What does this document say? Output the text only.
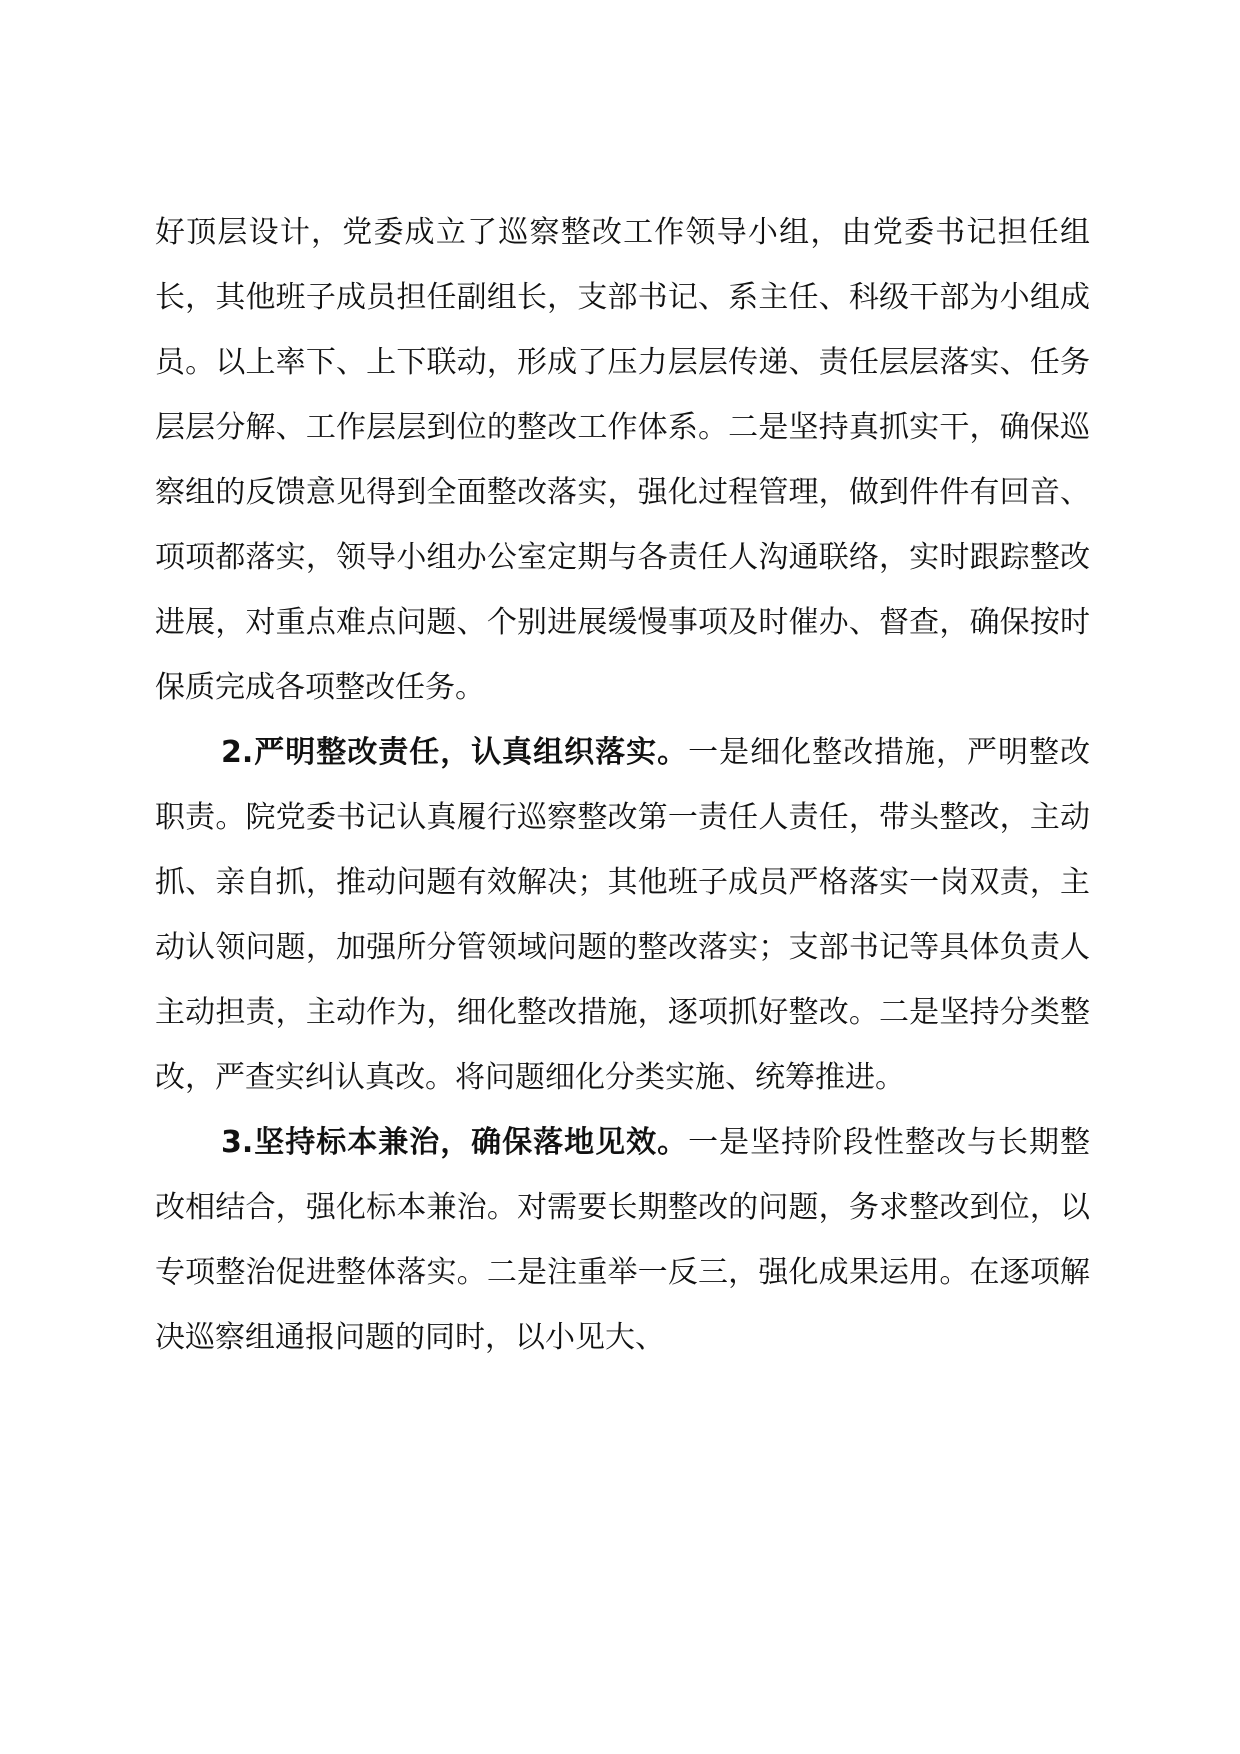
好顶层设计，党委成立了巡察整改工作领导小组，由党委书记担任组长，其他班子成员担任副组长，支部书记、系主任、科级干部为小组成员。以上率下、上下联动，形成了压力层层传递、责任层层落实、任务层层分解、工作层层到位的整改工作体系。二是坚持真抓实干，确保巡察组的反馈意见得到全面整改落实，强化过程管理，做到件件有回音、项项都落实，领导小组办公室定期与各责任人沟通联络，实时跟踪整改进展，对重点难点问题、个别进展缓慢事项及时催办、督查，确保按时保质完成各项整改任务。

2.严明整改责任，认真组织落实。一是细化整改措施，严明整改职责。院党委书记认真履行巡察整改第一责任人责任，带头整改，主动抓、亲自抓，推动问题有效解决；其他班子成员严格落实一岗双责，主动认领问题，加强所分管领域问题的整改落实；支部书记等具体负责人主动担责，主动作为，细化整改措施，逐项抓好整改。二是坚持分类整改，严查实纠认真改。将问题细化分类实施、统筹推进。

3.坚持标本兼治，确保落地见效。一是坚持阶段性整改与长期整改相结合，强化标本兼治。对需要长期整改的问题，务求整改到位，以专项整治促进整体落实。二是注重举一反三，强化成果运用。在逐项解决巡察组通报问题的同时，以小见大、
